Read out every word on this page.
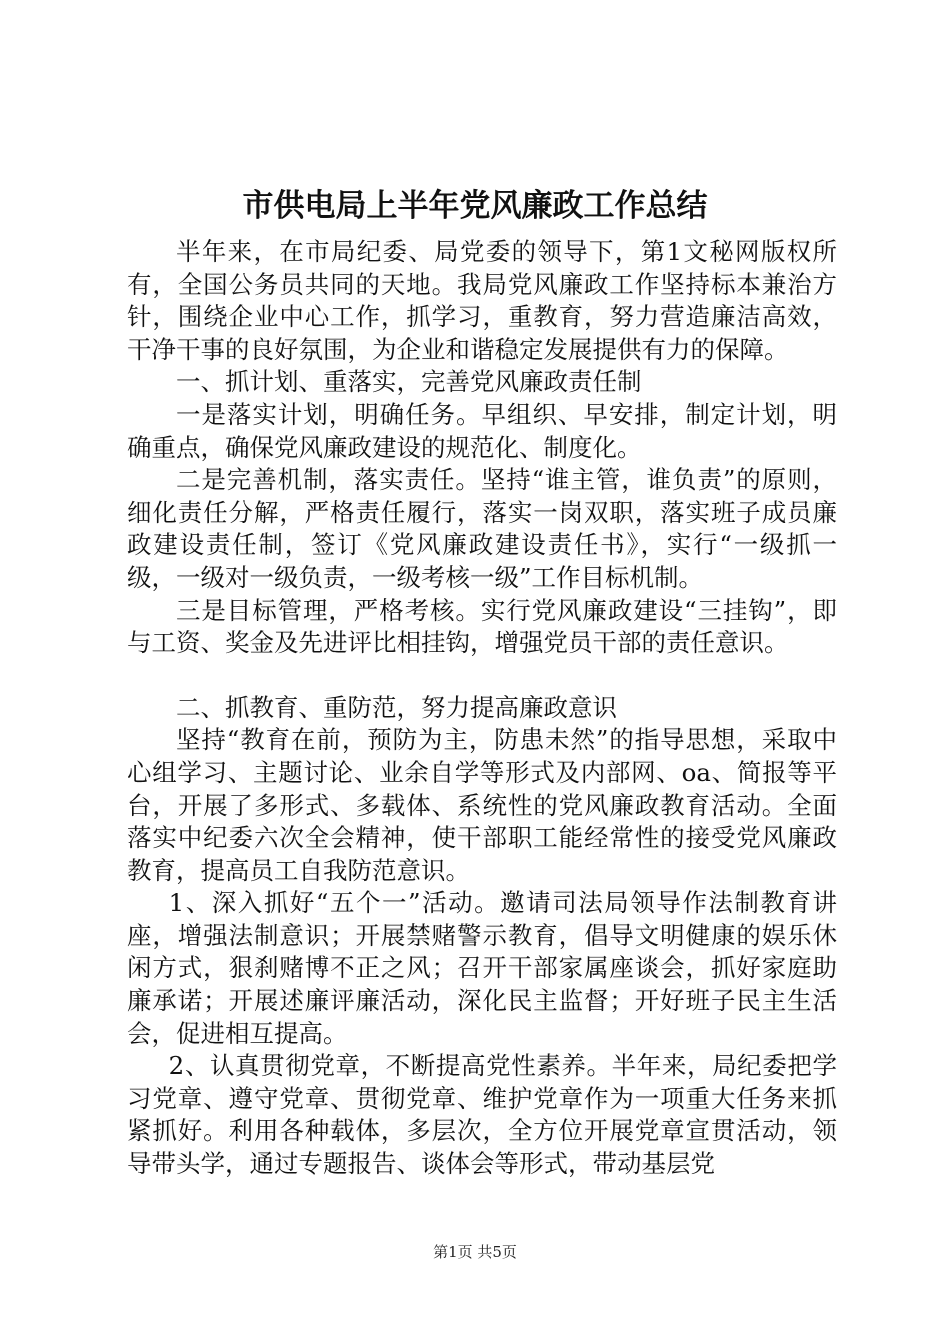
市供电局上半年党风廉政工作总结

半年来，在市局纪委、局党委的领导下，第1文秘网版权所有，全国公务员共同的天地。我局党风廉政工作坚持标本兼治方针，围绕企业中心工作，抓学习，重教育，努力营造廉洁高效，干净干事的良好氛围，为企业和谐稳定发展提供有力的保障。

一、抓计划、重落实，完善党风廉政责任制

一是落实计划，明确任务。早组织、早安排，制定计划，明确重点，确保党风廉政建设的规范化、制度化。

二是完善机制，落实责任。坚持“谁主管，谁负责”的原则，细化责任分解，严格责任履行，落实一岗双职，落实班子成员廉政建设责任制，签订《党风廉政建设责任书》，实行“一级抓一级，一级对一级负责，一级考核一级”工作目标机制。

三是目标管理，严格考核。实行党风廉政建设“三挂钩”，即与工资、奖金及先进评比相挂钩，增强党员干部的责任意识。

二、抓教育、重防范，努力提高廉政意识

坚持“教育在前，预防为主，防患未然”的指导思想，采取中心组学习、主题讨论、业余自学等形式及内部网、oa、简报等平台，开展了多形式、多载体、系统性的党风廉政教育活动。全面落实中纪委六次全会精神，使干部职工能经常性的接受党风廉政教育，提高员工自我防范意识。

1、深入抓好“五个一”活动。邀请司法局领导作法制教育讲座，增强法制意识；开展禁赌警示教育，倡导文明健康的娱乐休闲方式，狠刹赌博不正之风；召开干部家属座谈会，抓好家庭助廉承诺；开展述廉评廉活动，深化民主监督；开好班子民主生活会，促进相互提高。

2、认真贯彻党章，不断提高党性素养。半年来，局纪委把学习党章、遵守党章、贯彻党章、维护党章作为一项重大任务来抓紧抓好。利用各种载体，多层次，全方位开展党章宣贯活动，领导带头学，通过专题报告、谈体会等形式，带动基层党

第1页 共5页
